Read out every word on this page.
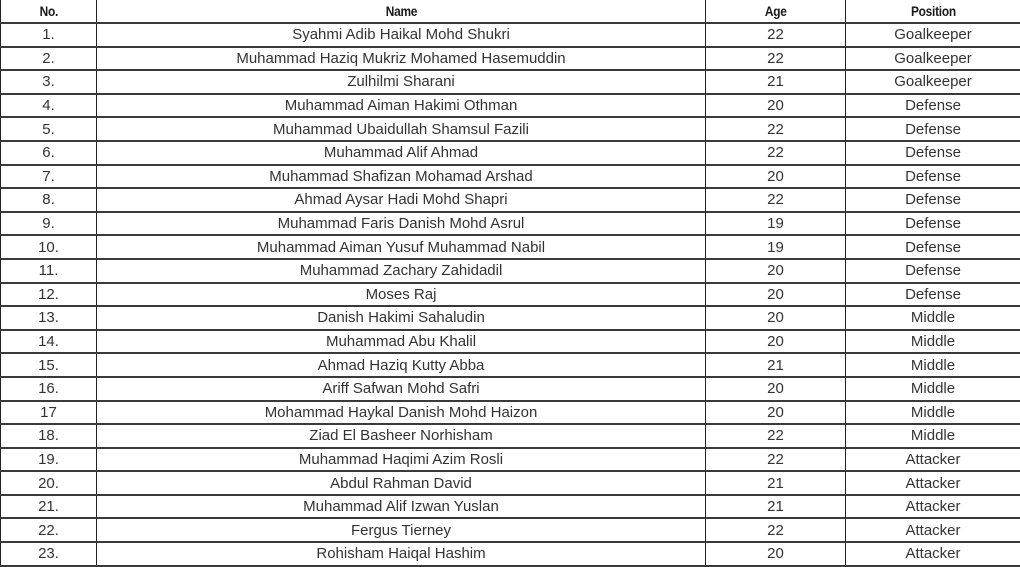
No.	Name	Age	Position
1.	Syahmi Adib Haikal Mohd Shukri	22	Goalkeeper
2.	Muhammad Haziq Mukriz Mohamed Hasemuddin	22	Goalkeeper
3.	Zulhilmi Sharani	21	Goalkeeper
4.	Muhammad Aiman Hakimi Othman	20	Defense
5.	Muhammad Ubaidullah Shamsul Fazili	22	Defense
6.	Muhammad Alif Ahmad	22	Defense
7.	Muhammad Shafizan Mohamad Arshad	20	Defense
8.	Ahmad Aysar Hadi Mohd Shapri	22	Defense
9.	Muhammad Faris Danish Mohd Asrul	19	Defense
10.	Muhammad Aiman Yusuf Muhammad Nabil	19	Defense
11.	Muhammad Zachary Zahidadil	20	Defense
12.	Moses Raj	20	Defense
13.	Danish Hakimi Sahaludin	20	Middle
14.	Muhammad Abu Khalil	20	Middle
15.	Ahmad Haziq Kutty Abba	21	Middle
16.	Ariff Safwan Mohd Safri	20	Middle
17	Mohammad Haykal Danish Mohd Haizon	20	Middle
18.	Ziad El Basheer Norhisham	22	Middle
19.	Muhammad Haqimi Azim Rosli	22	Attacker
20.	Abdul Rahman David	21	Attacker
21.	Muhammad Alif Izwan Yuslan	21	Attacker
22.	Fergus Tierney	22	Attacker
23.	Rohisham Haiqal Hashim	20	Attacker
